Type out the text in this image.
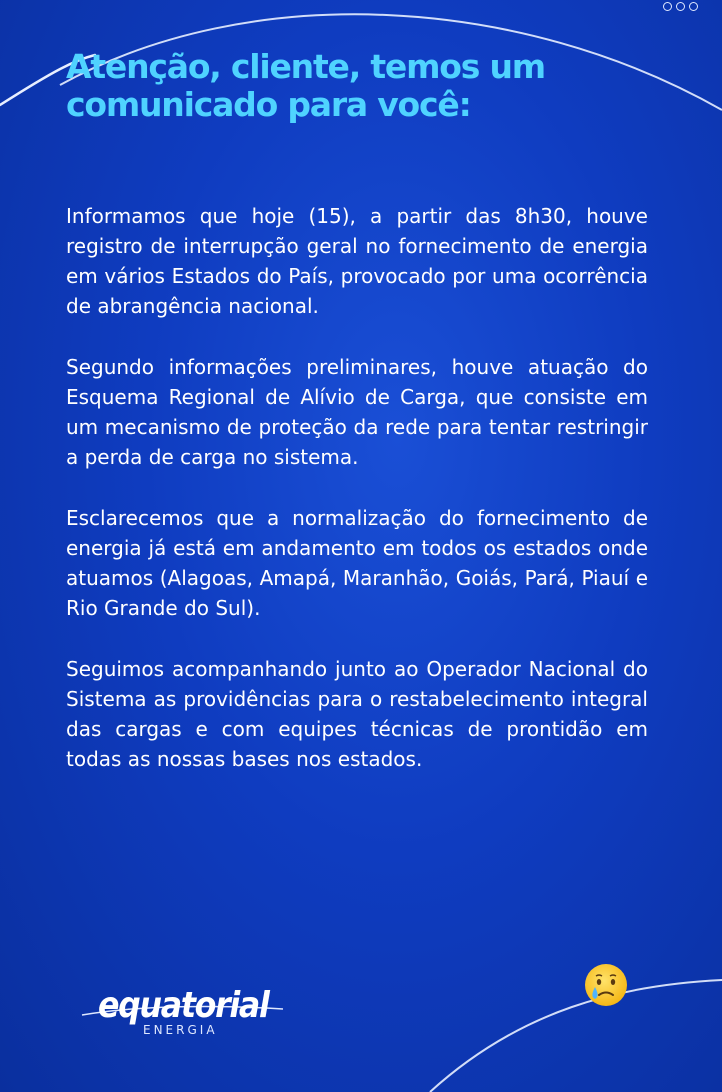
Atenção, cliente, temos um
comunicado para você:

Informamos que hoje (15), a partir das 8h30, houve registro de interrupção geral no fornecimento de energia em vários Estados do País, provocado por uma ocorrência de abrangência nacional.

Segundo informações preliminares, houve atuação do Esquema Regional de Alívio de Carga, que consiste em um mecanismo de proteção da rede para tentar restringir a perda de carga no sistema.

Esclarecemos que a normalização do fornecimento de energia já está em andamento em todos os estados onde atuamos (Alagoas, Amapá, Maranhão, Goiás, Pará, Piauí e Rio Grande do Sul).

Seguimos acompanhando junto ao Operador Nacional do Sistema as providências para o restabelecimento integral das cargas e com equipes técnicas de prontidão em todas as nossas bases nos estados.

equatorial
ENERGIA
